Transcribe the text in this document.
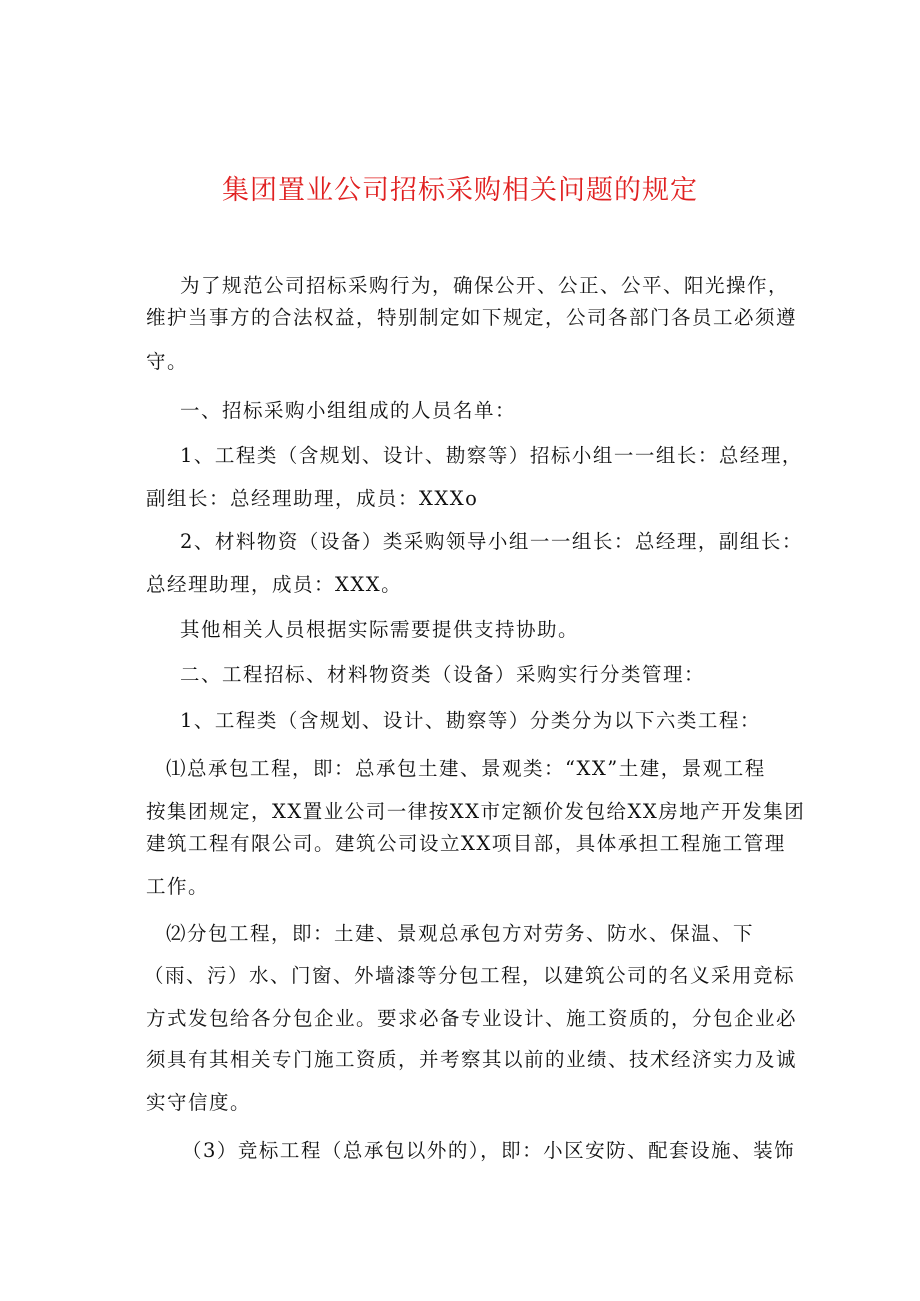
集团置业公司招标采购相关问题的规定
为了规范公司招标采购行为，确保公开、公正、公平、阳光操作，
维护当事方的合法权益，特别制定如下规定，公司各部门各员工必须遵
守。
一、招标采购小组组成的人员名单：
1、工程类（含规划、设计、勘察等）招标小组一一组长：总经理，
副组长：总经理助理，成员：XXXo
2、材料物资（设备）类采购领导小组一一组长：总经理，副组长：
总经理助理，成员：XXX。
其他相关人员根据实际需要提供支持协助。
二、工程招标、材料物资类（设备）采购实行分类管理：
1、工程类（含规划、设计、勘察等）分类分为以下六类工程：
⑴总承包工程，即：总承包土建、景观类：“XX”土建，景观工程
按集团规定，XX置业公司一律按XX市定额价发包给XX房地产开发集团
建筑工程有限公司。建筑公司设立XX项目部，具体承担工程施工管理
工作。
⑵分包工程，即：土建、景观总承包方对劳务、防水、保温、下
（雨、污）水、门窗、外墙漆等分包工程，以建筑公司的名义采用竞标
方式发包给各分包企业。要求必备专业设计、施工资质的，分包企业必
须具有其相关专门施工资质，并考察其以前的业绩、技术经济实力及诚
实守信度。
（3）竞标工程（总承包以外的），即：小区安防、配套设施、装饰
